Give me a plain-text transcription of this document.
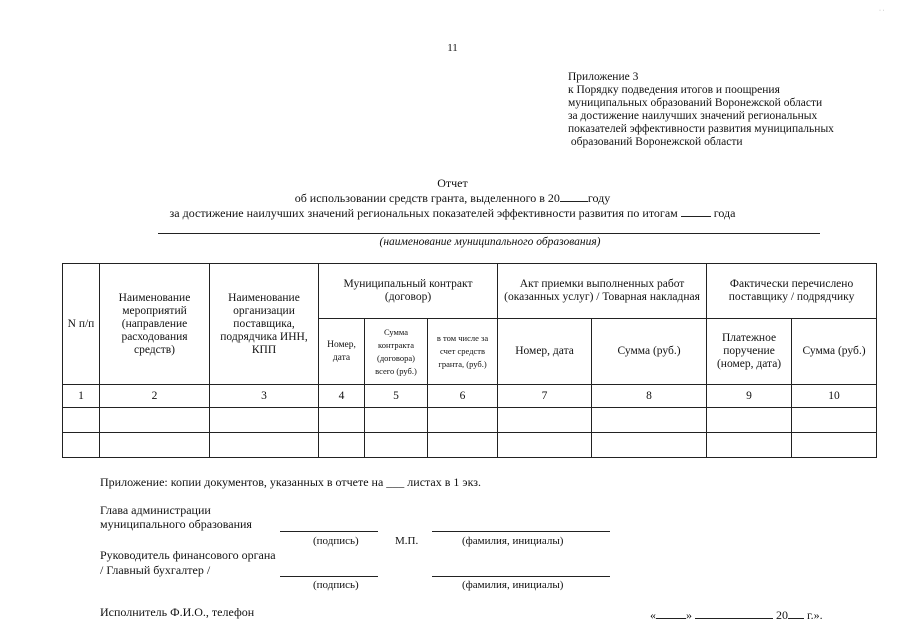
· ·
11
Приложение 3
к Порядку подведения итогов и поощрения
муниципальных образований Воронежской области
за достижение наилучших значений региональных
показателей эффективности развития муниципальных
образований Воронежской области
Отчет
об использовании средств гранта, выделенного в 20 году
за достижение наилучших значений региональных показателей эффективности развития по итогам	года
(наименование муниципального образования)
N п/п	Наименование мероприятий (направление расходования средств)	Наименование организации поставщика, подрядчика ИНН, КПП	Муниципальный контракт (договор)			Акт приемки выполненных работ (оказанных услуг) / Товарная накладная		Фактически перечислено поставщику / подрядчику	
			Номер, дата	Сумма контракта (договора) всего (руб.)	в том числе за счет средств гранта, (руб.)	Номер, дата	Сумма (руб.)	Платежное поручение (номер, дата)	Сумма (руб.)
1	2	3	4	5	6	7	8	9	10

Приложение: копии документов, указанных в отчете на ___ листах в 1 экз.
Глава администрации
муниципального образования
(подпись)	М.П.	(фамилия, инициалы)
Руководитель финансового органа
/ Главный бухгалтер /
(подпись)	(фамилия, инициалы)
Исполнитель Ф.И.О., телефон	«	»	20 г.».
